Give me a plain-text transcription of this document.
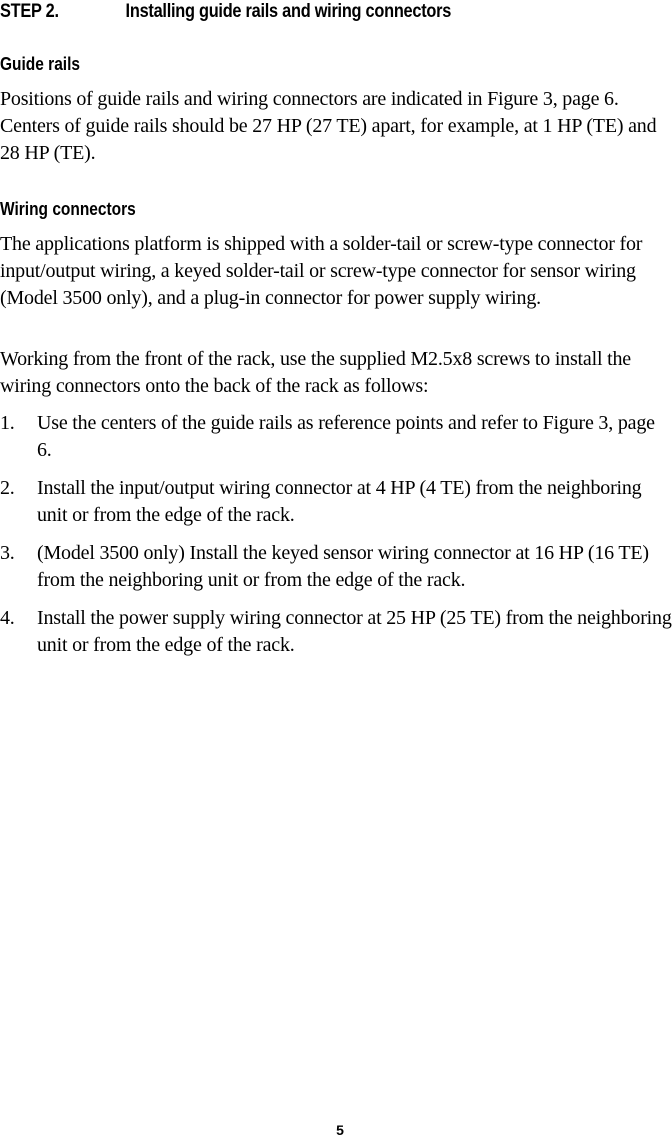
STEP 2.	Installing guide rails and wiring connectors
Guide rails
Positions of guide rails and wiring connectors are indicated in Figure 3, page 6. Centers of guide rails should be 27 HP (27 TE) apart, for example, at 1 HP (TE) and 28 HP (TE).
Wiring connectors
The applications platform is shipped with a solder-tail or screw-type connector for input/output wiring, a keyed solder-tail or screw-type connector for sensor wiring (Model 3500 only), and a plug-in connector for power supply wiring.
Working from the front of the rack, use the supplied M2.5x8 screws to install the wiring connectors onto the back of the rack as follows:
1. Use the centers of the guide rails as reference points and refer to Figure 3, page 6.
2. Install the input/output wiring connector at 4 HP (4 TE) from the neighboring unit or from the edge of the rack.
3. (Model 3500 only) Install the keyed sensor wiring connector at 16 HP (16 TE) from the neighboring unit or from the edge of the rack.
4. Install the power supply wiring connector at 25 HP (25 TE) from the neighboring unit or from the edge of the rack.
5
